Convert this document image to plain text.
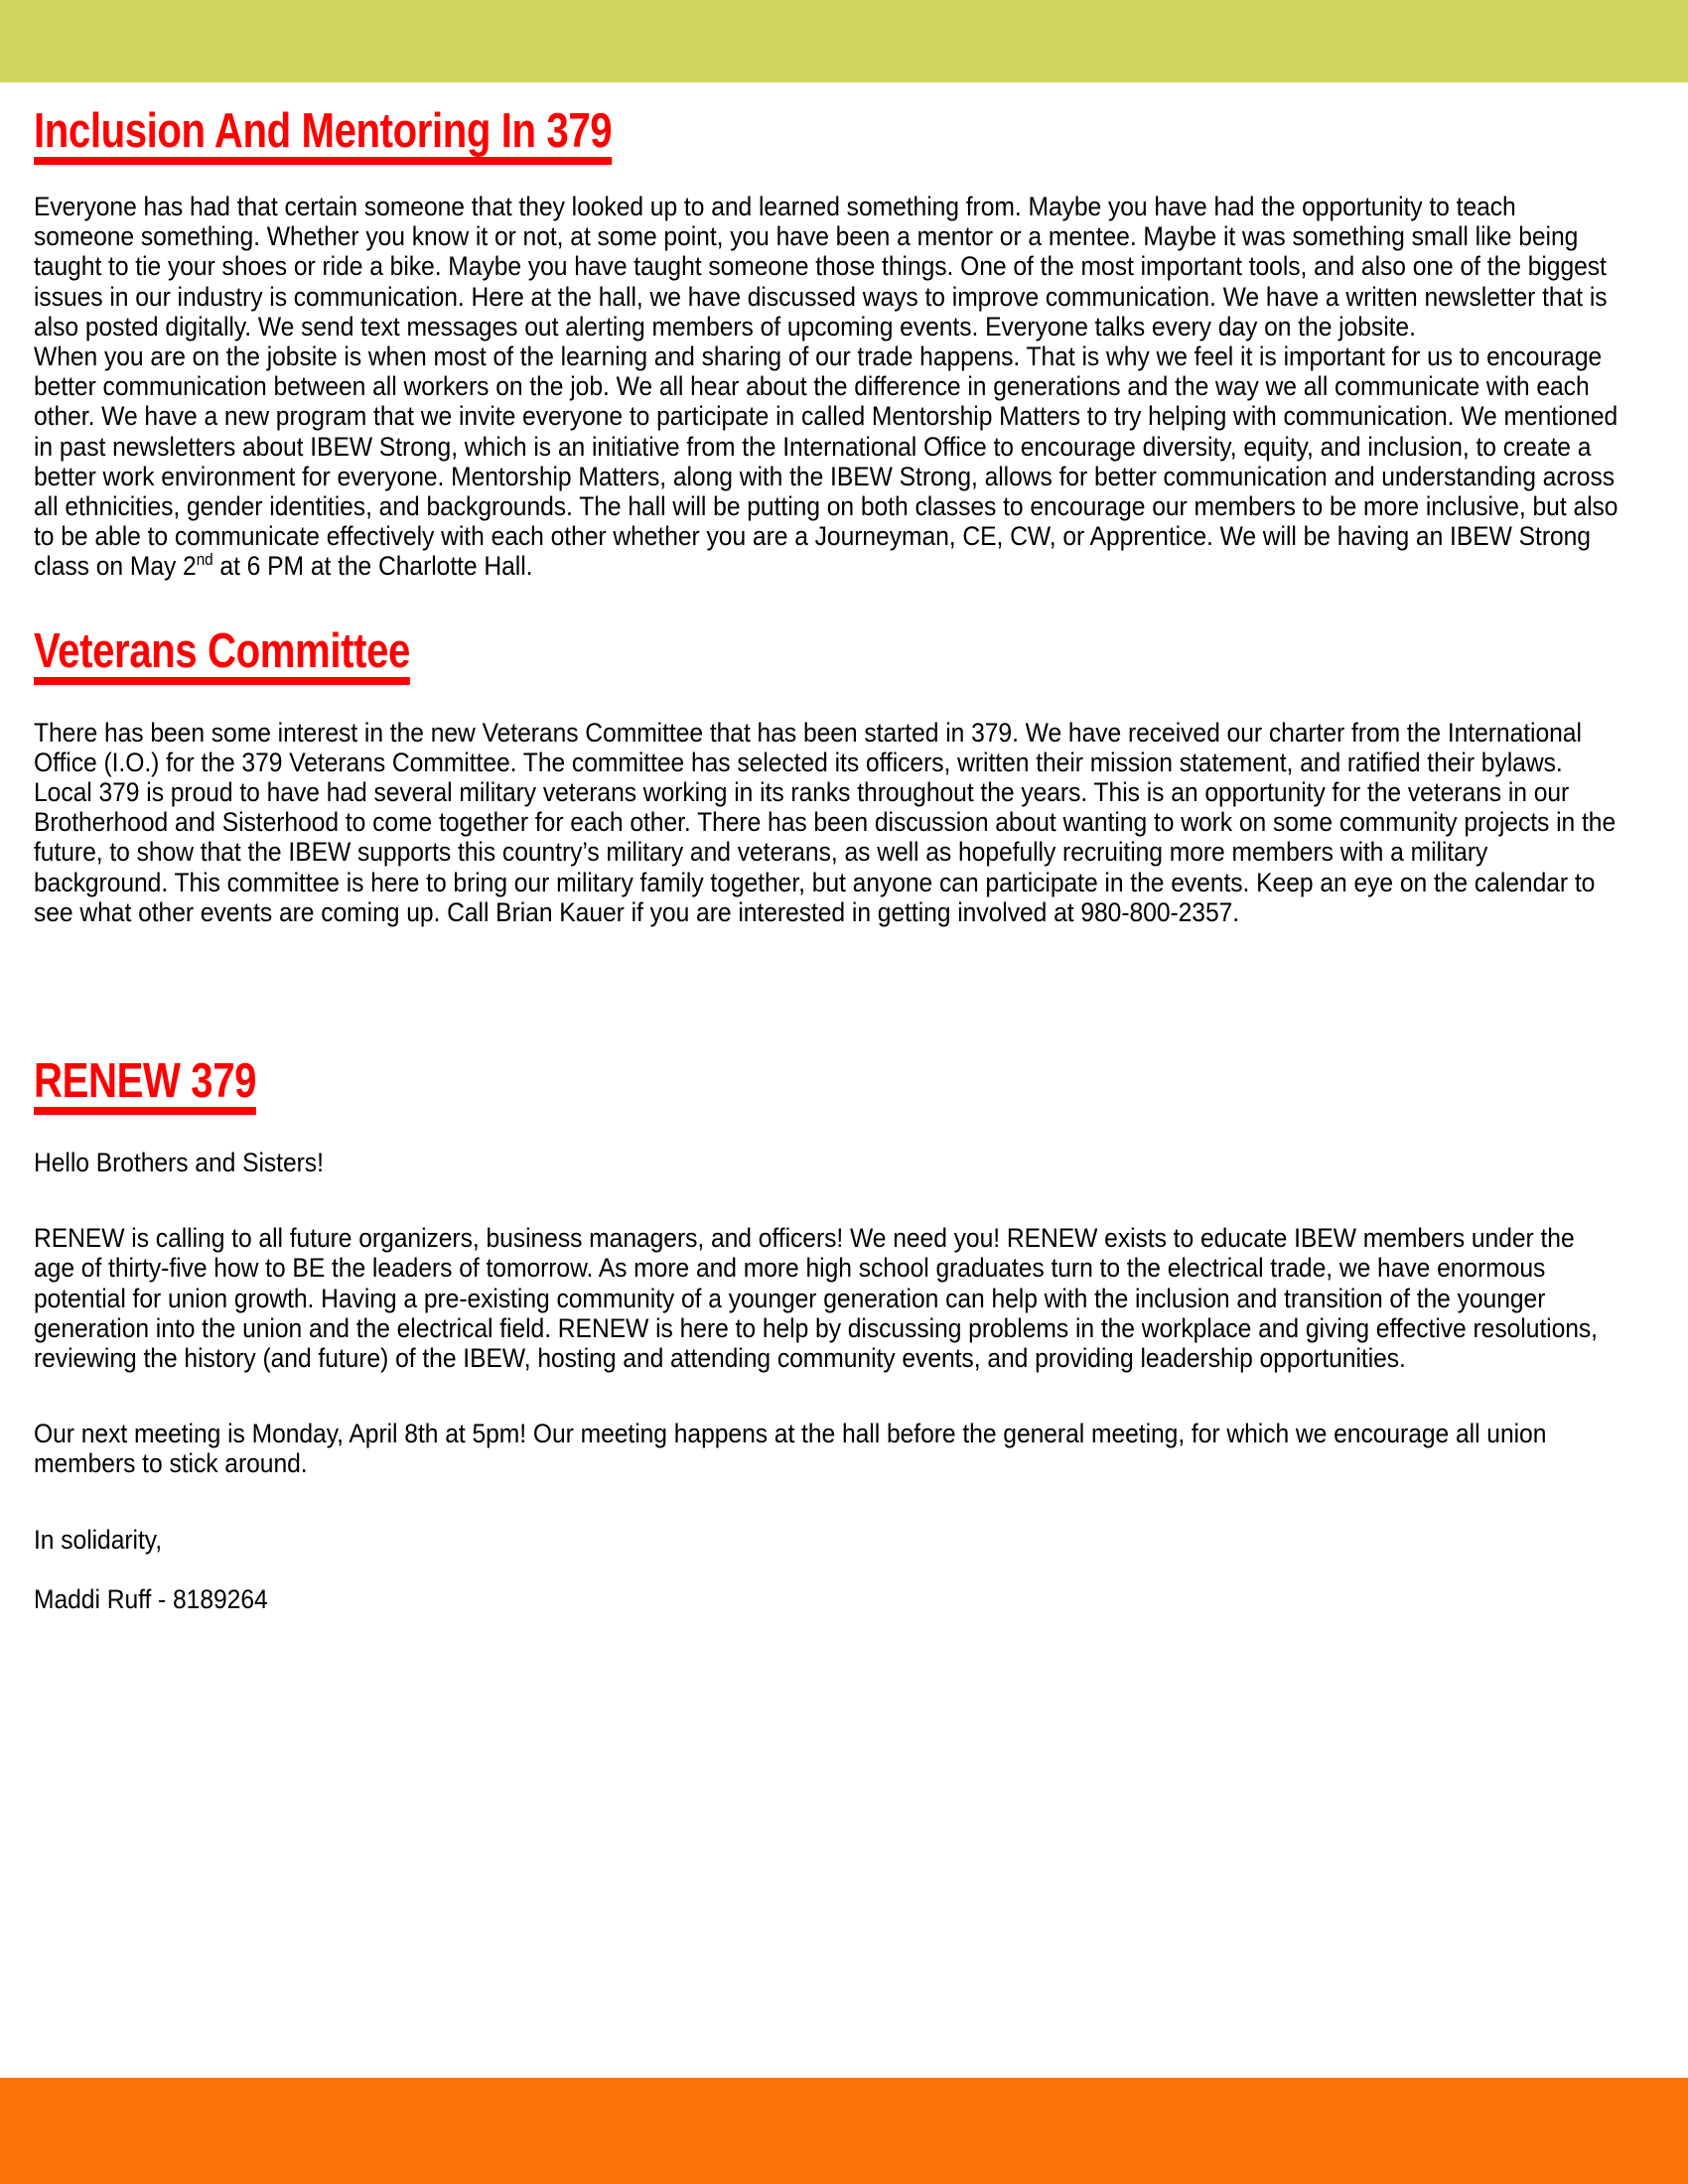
Inclusion And Mentoring In 379

Everyone has had that certain someone that they looked up to and learned something from. Maybe you have had the opportunity to teach someone something. Whether you know it or not, at some point, you have been a mentor or a mentee. Maybe it was something small like being taught to tie your shoes or ride a bike. Maybe you have taught someone those things. One of the most important tools, and also one of the biggest issues in our industry is communication. Here at the hall, we have discussed ways to improve communication. We have a written newsletter that is also posted digitally. We send text messages out alerting members of upcoming events. Everyone talks every day on the jobsite.

When you are on the jobsite is when most of the learning and sharing of our trade happens. That is why we feel it is important for us to encourage better communication between all workers on the job. We all hear about the difference in generations and the way we all communicate with each other. We have a new program that we invite everyone to participate in called Mentorship Matters to try helping with communication. We mentioned in past newsletters about IBEW Strong, which is an initiative from the International Office to encourage diversity, equity, and inclusion, to create a better work environment for everyone. Mentorship Matters, along with the IBEW Strong, allows for better communication and understanding across all ethnicities, gender identities, and backgrounds. The hall will be putting on both classes to encourage our members to be more inclusive, but also to be able to communicate effectively with each other whether you are a Journeyman, CE, CW, or Apprentice. We will be having an IBEW Strong class on May 2nd at 6 PM at the Charlotte Hall.

Veterans Committee

There has been some interest in the new Veterans Committee that has been started in 379. We have received our charter from the International Office (I.O.) for the 379 Veterans Committee. The committee has selected its officers, written their mission statement, and ratified their bylaws. Local 379 is proud to have had several military veterans working in its ranks throughout the years. This is an opportunity for the veterans in our Brotherhood and Sisterhood to come together for each other. There has been discussion about wanting to work on some community projects in the future, to show that the IBEW supports this country’s military and veterans, as well as hopefully recruiting more members with a military background. This committee is here to bring our military family together, but anyone can participate in the events. Keep an eye on the calendar to see what other events are coming up. Call Brian Kauer if you are interested in getting involved at 980-800-2357.

RENEW 379

Hello Brothers and Sisters!

RENEW is calling to all future organizers, business managers, and officers! We need you! RENEW exists to educate IBEW members under the age of thirty-five how to BE the leaders of tomorrow. As more and more high school graduates turn to the electrical trade, we have enormous potential for union growth. Having a pre-existing community of a younger generation can help with the inclusion and transition of the younger generation into the union and the electrical field. RENEW is here to help by discussing problems in the workplace and giving effective resolutions, reviewing the history (and future) of the IBEW, hosting and attending community events, and providing leadership opportunities.

Our next meeting is Monday, April 8th at 5pm! Our meeting happens at the hall before the general meeting, for which we encourage all union members to stick around.

In solidarity,

Maddi Ruff - 8189264
